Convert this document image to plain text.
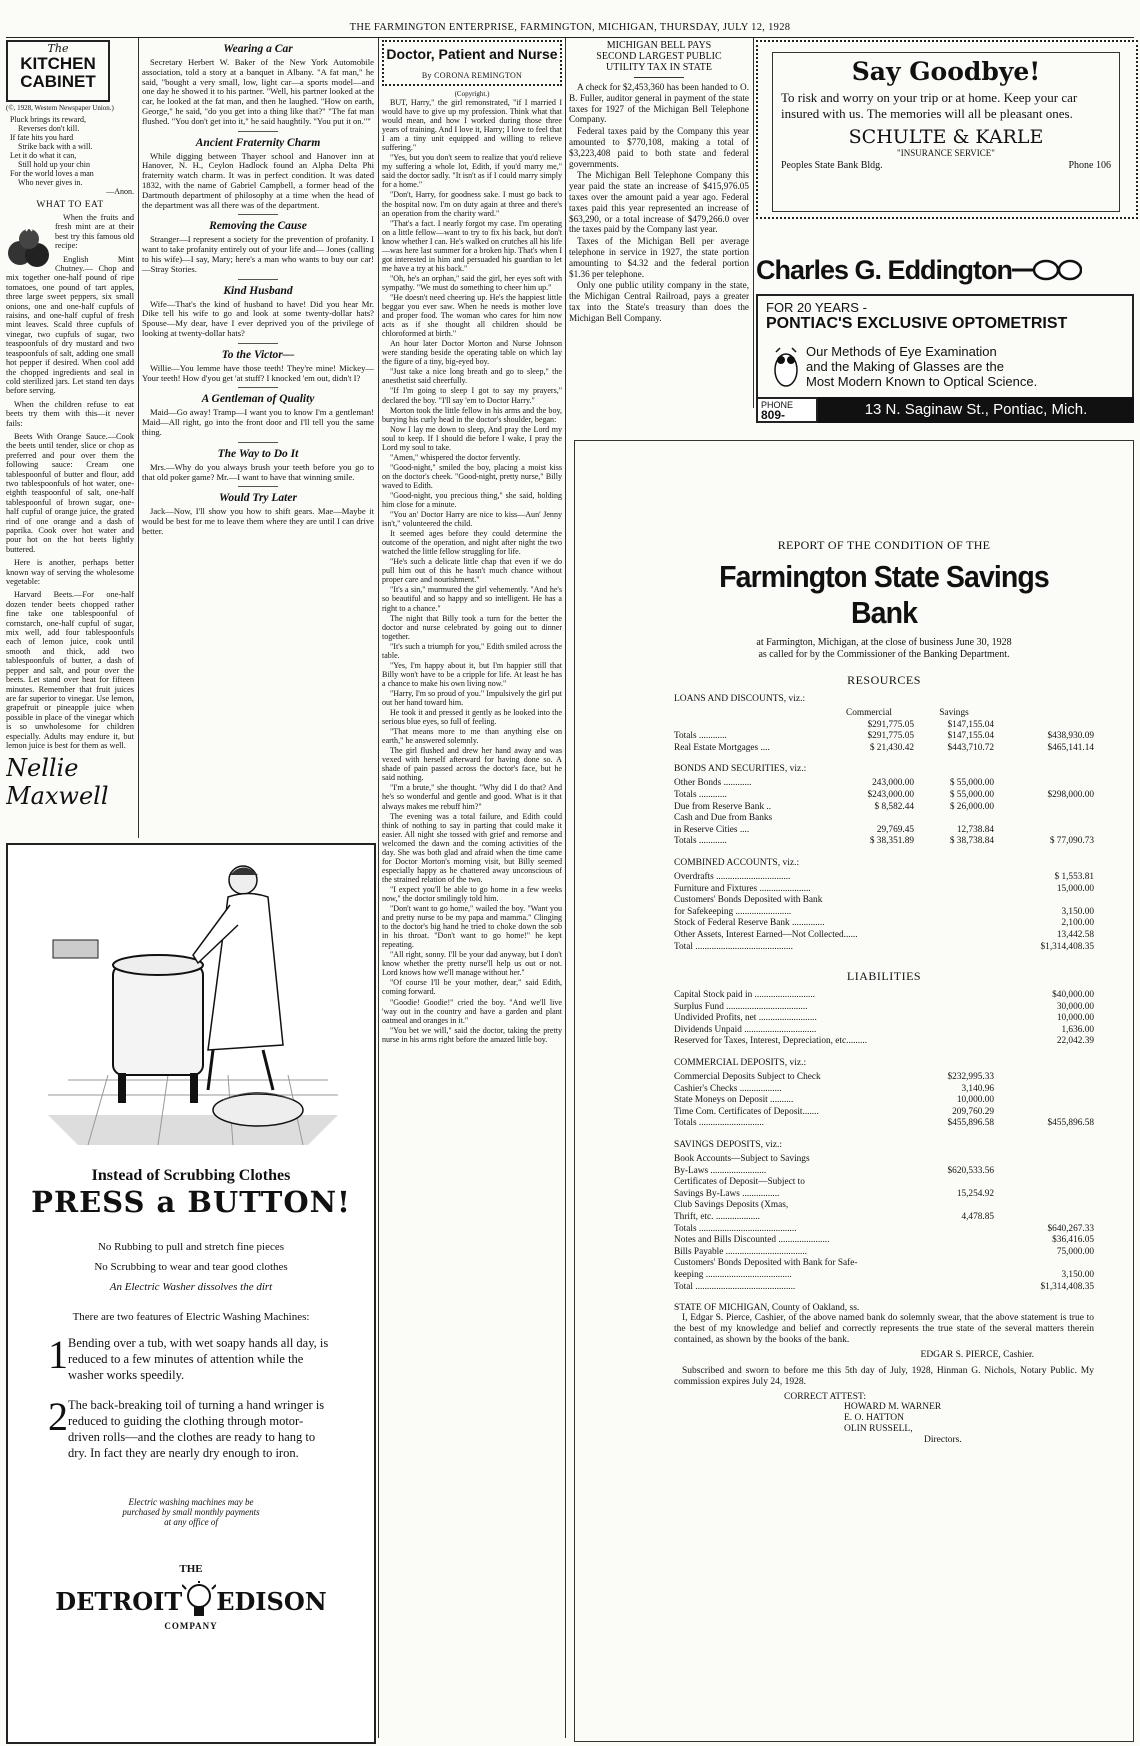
THE FARMINGTON ENTERPRISE, FARMINGTON, MICHIGAN, THURSDAY, JULY 12, 1928
The
KITCHEN
CABINET
(©, 1928, Western Newspaper Union.)
Pluck brings its reward,
Reverses don't kill.
If fate hits you hard
Strike back with a will.
Let it do what it can,
Still hold up your chin
For the world loves a man
Who never gives in.
—Anon.
WHAT TO EAT

When the fruits and fresh mint are at their best try this famous old recipe:

English Mint Chutney.— Chop and mix together one-half pound of ripe tomatoes, one pound of tart apples, three large sweet peppers, six small onions, one and one-half cupfuls of raisins, and one-half cupful of fresh mint leaves. Scald three cupfuls of vinegar, two cupfuls of sugar, two teaspoonfuls of dry mustard and two teaspoonfuls of salt, adding one small hot pepper if desired. When cool add the chopped ingredients and seal in cold sterilized jars. Let stand ten days before serving.

When the children refuse to eat beets try them with this—it never fails:

Beets With Orange Sauce.—Cook the beets until tender, slice or chop as preferred and pour over them the following sauce: Cream one tablespoonful of butter and flour, add two tablespoonfuls of hot water, one-eighth teaspoonful of salt, one-half tablespoonful of brown sugar, one-half cupful of orange juice, the grated rind of one orange and a dash of paprika. Cook over hot water and pour hot on the hot beets lightly buttered.

Here is another, perhaps better known way of serving the wholesome vegetable:

Harvard Beets.—For one-half dozen tender beets chopped rather fine take one tablespoonful of cornstarch, one-half cupful of sugar, mix well, add four tablespoonfuls each of lemon juice, cook until smooth and thick, add two tablespoonfuls of butter, a dash of pepper and salt, and pour over the beets. Let stand over heat for fifteen minutes. Remember that fruit juices are far superior to vinegar. Use lemon, grapefruit or pineapple juice when possible in place of the vinegar which is so unwholesome for children especially. Adults may endure it, but lemon juice is best for them as well.

Nellie Maxwell
Wearing a Car

Secretary Herbert W. Baker of the New York Automobile association, told a story at a banquet in Albany. "A fat man," he said, "bought a very small, low, light car—a sports model—and one day he showed it to his partner. "Well, his partner looked at the car, he looked at the fat man, and then he laughed. "How on earth, George," he said, "do you get into a thing like that?" "The fat man flushed. "You don't get into it," he said haughtily. "You put it on.""

Ancient Fraternity Charm

While digging between Thayer school and Hanover inn at Hanover, N. H., Ceylon Hadlock found an Alpha Delta Phi fraternity watch charm. It was in perfect condition. It was dated 1832, with the name of Gabriel Campbell, a former head of the Dartmouth department of philosophy at a time when the head of the department was all there was of the department.

Removing the Cause

Stranger—I represent a society for the prevention of profanity. I want to take profanity entirely out of your life and— Jones (calling to his wife)—I say, Mary; here's a man who wants to buy our car!—Stray Stories.

Kind Husband

Wife—That's the kind of husband to have! Did you hear Mr. Dike tell his wife to go and look at some twenty-dollar hats? Spouse—My dear, have I ever deprived you of the privilege of looking at twenty-dollar hats?

To the Victor—

Willie—You lemme have those teeth! They're mine! Mickey—Your teeth! How d'you get 'at stuff? I knocked 'em out, didn't I?

A Gentleman of Quality

Maid—Go away! Tramp—I want you to know I'm a gentleman! Maid—All right, go into the front door and I'll tell you the same thing.

The Way to Do It

Mrs.—Why do you always brush your teeth before you go to that old poker game? Mr.—I want to have that winning smile.

Would Try Later

Jack—Now, I'll show you how to shift gears. Mae—Maybe it would be best for me to leave them where they are until I can drive better.

Instead of Scrubbing Clothes
PRESS a BUTTON!
No Rubbing to pull and stretch fine pieces
No Scrubbing to wear and tear good clothes
An Electric Washer dissolves the dirt
There are two features of Electric Washing Machines:
1 Bending over a tub, with wet soapy hands all day, is reduced to a few minutes of attention while the washer works speedily.
2 The back-breaking toil of turning a hand wringer is reduced to guiding the clothing through motor-driven rolls—and the clothes are ready to hang to dry. In fact they are nearly dry enough to iron.
Electric washing machines may be purchased by small monthly payments at any office of
THE
DETROIT EDISON
COMPANY
Doctor, Patient and Nurse
By CORONA REMINGTON
(Copyright.)

BUT, Harry," the girl remonstrated, "if I married I would have to give up my profession. Think what that would mean, and how I worked during those three years of training. And I love it, Harry; I love to feel that I am a tiny unit equipped and willing to relieve suffering."

"Yes, but you don't seem to realize that you'd relieve my suffering a whole lot, Edith, if you'd marry me," said the doctor sadly. "It isn't as if I could marry simply for a home."

"Don't, Harry, for goodness sake. I must go back to the hospital now. I'm on duty again at three and there's an operation from the charity ward."

"That's a fact. I nearly forgot my case. I'm operating on a little fellow—want to try to fix his back, but don't know whether I can. He's walked on crutches all his life—was here last summer for a broken hip. That's when I got interested in him and persuaded his guardian to let me have a try at his back."

"Oh, he's an orphan," said the girl, her eyes soft with sympathy. "We must do something to cheer him up."

"He doesn't need cheering up. He's the happiest little beggar you ever saw. When he needs is mother love and proper food. The woman who cares for him now acts as if she thought all children should be chloroformed at birth."

An hour later Doctor Morton and Nurse Johnson were standing beside the operating table on which lay the figure of a tiny, big-eyed boy.

"Just take a nice long breath and go to sleep," the anesthetist said cheerfully.

"If I'm going to sleep I got to say my prayers," declared the boy. "I'll say 'em to Doctor Harry."

Morton took the little fellow in his arms and the boy, burying his curly head in the doctor's shoulder, began:

Now I lay me down to sleep, And pray the Lord my soul to keep. If I should die before I wake, I pray the Lord my soul to take.

"Amen," whispered the doctor fervently.

"Good-night," smiled the boy, placing a moist kiss on the doctor's cheek. "Good-night, pretty nurse," Billy waved to Edith.

"Good-night, you precious thing," she said, holding him close for a minute.

"You an' Doctor Harry are nice to kiss—Aun' Jenny isn't," volunteered the child.

It seemed ages before they could determine the outcome of the operation, and night after night the two watched the little fellow struggling for life.

"He's such a delicate little chap that even if we do pull him out of this he hasn't much chance without proper care and nourishment."

"It's a sin," murmured the girl vehemently. "And he's so beautiful and so happy and so intelligent. He has a right to a chance."

The night that Billy took a turn for the better the doctor and nurse celebrated by going out to dinner together.

"It's such a triumph for you," Edith smiled across the table.

"Yes, I'm happy about it, but I'm happier still that Billy won't have to be a cripple for life. At least he has a chance to make his own living now."

"Harry, I'm so proud of you." Impulsively the girl put out her hand toward him.

He took it and pressed it gently as he looked into the serious blue eyes, so full of feeling.

"That means more to me than anything else on earth," he answered solemnly.

The girl flushed and drew her hand away and was vexed with herself afterward for having done so. A shade of pain passed across the doctor's face, but he said nothing.

"I'm a brute," she thought. "Why did I do that? And he's so wonderful and gentle and good. What is it that always makes me rebuff him?"

The evening was a total failure, and Edith could think of nothing to say in parting that could make it easier. All night she tossed with grief and remorse and welcomed the dawn and the coming activities of the day. She was both glad and afraid when the time came for Doctor Morton's morning visit, but Billy seemed especially happy as he chattered away unconscious of the strained relation of the two.

"I expect you'll be able to go home in a few weeks now," the doctor smilingly told him.

"Don't want to go home," wailed the boy. "Want you and pretty nurse to be my papa and mamma." Clinging to the doctor's big hand he tried to choke down the sob in his throat. "Don't want to go home!" he kept repeating.

"All right, sonny. I'll be your dad anyway, but I don't know whether the pretty nurse'll help us out or not. Lord knows how we'll manage without her."

"Of course I'll be your mother, dear," said Edith, coming forward.

"Goodie! Goodie!" cried the boy. "And we'll live 'way out in the country and have a garden and plant oatmeal and oranges in it."

"You bet we will," said the doctor, taking the pretty nurse in his arms right before the amazed little boy.

MICHIGAN BELL PAYS
SECOND LARGEST PUBLIC
UTILITY TAX IN STATE

A check for $2,453,360 has been handed to O. B. Fuller, auditor general in payment of the state taxes for 1927 of the Michigan Bell Telephone Company.

Federal taxes paid by the Company this year amounted to $770,108, making a total of $3,223,408 paid to both state and federal governments.

The Michigan Bell Telephone Company this year paid the state an increase of $415,976.05 taxes over the amount paid a year ago. Federal taxes paid this year represented an increase of $63,290, or a total increase of $479,266.0 over the taxes paid by the Company last year.

Taxes of the Michigan Bell per average telephone in service in 1927, the state portion amounting to $4.32 and the federal portion $1.36 per telephone.

Only one public utility company in the state, the Michigan Central Railroad, pays a greater tax into the State's treasury than does the Michigan Bell Company.

Say Goodbye!
To risk and worry on your trip or at home. Keep your car insured with us. The memories will all be pleasant ones.
SCHULTE & KARLE
"INSURANCE SERVICE"
Peoples State Bank Bldg.	Phone 106
Charles G. Eddington
FOR 20 YEARS -
PONTIAC'S EXCLUSIVE OPTOMETRIST
Our Methods of Eye Examination
and the Making of Glasses are the
Most Modern Known to Optical Science.
PHONE
809-	13 N. Saginaw St., Pontiac, Mich.
REPORT OF THE CONDITION OF THE
Farmington State Savings Bank
at Farmington, Michigan, at the close of business June 30, 1928
as called for by the Commissioner of the Banking Department.
RESOURCES
LOANS AND DISCOUNTS, viz.:
Commercial	Savings
$291,775.05	$147,155.04
Totals ............	$291,775.05	$147,155.04	$438,930.09
Real Estate Mortgages ....	$ 21,430.42	$443,710.72	$465,141.14
BONDS AND SECURITIES, viz.:
Other Bonds ............	243,000.00	$ 55,000.00
Totals ............	$243,000.00	$ 55,000.00	$298,000.00
Due from Reserve Bank ..	$ 8,582.44	$ 26,000.00
Cash and Due from Banks
in Reserve Cities ....	29,769.45	12,738.84
Totals ............	$ 38,351.89	$ 38,738.84	$ 77,090.73
COMBINED ACCOUNTS, viz.:
Overdrafts ................................	$ 1,553.81
Furniture and Fixtures ......................	15,000.00
Customers' Bonds Deposited with Bank
for Safekeeping ........................	3,150.00
Stock of Federal Reserve Bank ..............	2,100.00
Other Assets, Interest Earned—Not Collected......	13,442.58
Total ..........................................	$1,314,408.35
LIABILITIES
Capital Stock paid in ..........................	$40,000.00
Surplus Fund ...................................	30,000.00
Undivided Profits, net .........................	10,000.00
Dividends Unpaid ...............................	1,636.00
Reserved for Taxes, Interest, Depreciation, etc.........	22,042.39
COMMERCIAL DEPOSITS, viz.:
Commercial Deposits Subject to Check	$232,995.33
Cashier's Checks ..................	3,140.96
State Moneys on Deposit ..........	10,000.00
Time Com. Certificates of Deposit.......	209,760.29
Totals ............................	$455,896.58	$455,896.58
SAVINGS DEPOSITS, viz.:
Book Accounts—Subject to Savings
By-Laws ........................	$620,533.56
Certificates of Deposit—Subject to
Savings By-Laws ................	15,254.92
Club Savings Deposits (Xmas,
Thrift, etc. ...................	4,478.85
Totals ..........................................	$640,267.33
Notes and Bills Discounted ......................	$36,416.05
Bills Payable ...................................	75,000.00
Customers' Bonds Deposited with Bank for Safe-
keeping .....................................	3,150.00
Total ...........................................	$1,314,408.35
STATE OF MICHIGAN, County of Oakland, ss.

I, Edgar S. Pierce, Cashier, of the above named bank do solemnly swear, that the above statement is true to the best of my knowledge and belief and correctly represents the true state of the several matters therein contained, as shown by the books of the bank.

EDGAR S. PIERCE, Cashier.

Subscribed and sworn to before me this 5th day of July, 1928, Hinman G. Nichols, Notary Public. My commission expires July 24, 1928.

CORRECT ATTEST:
HOWARD M. WARNER
E. O. HATTON
OLIN RUSSELL,
Directors.
